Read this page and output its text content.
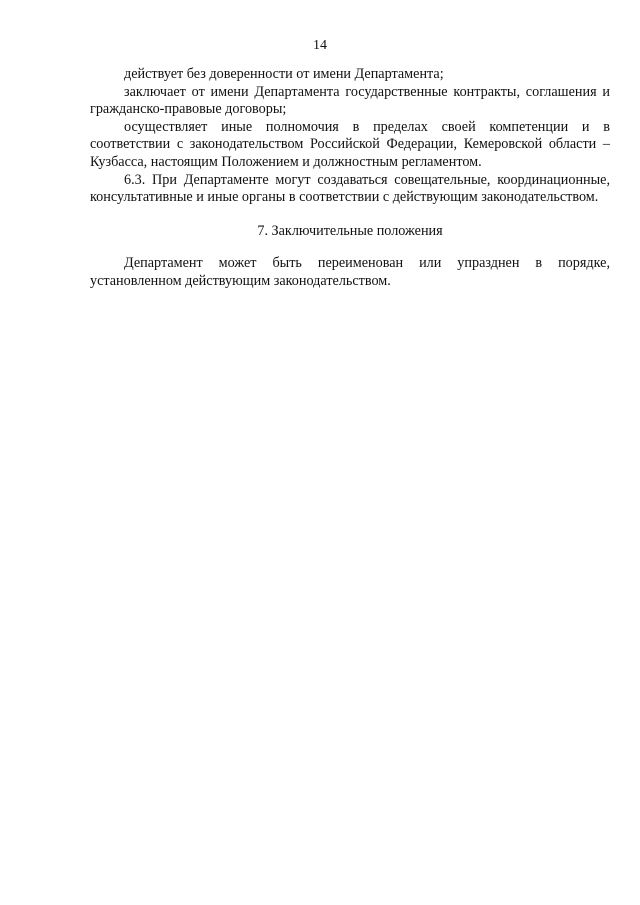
14

действует без доверенности от имени Департамента;

заключает от имени Департамента государственные контракты, соглашения и гражданско-правовые договоры;

осуществляет иные полномочия в пределах своей компетенции и в соответствии с законодательством Российской Федерации, Кемеровской области – Кузбасса, настоящим Положением и должностным регламентом.

6.3. При Департаменте могут создаваться совещательные, координационные, консультативные и иные органы в соответствии с действующим законодательством.

7. Заключительные положения

Департамент может быть переименован или упразднен в порядке, установленном действующим законодательством.
